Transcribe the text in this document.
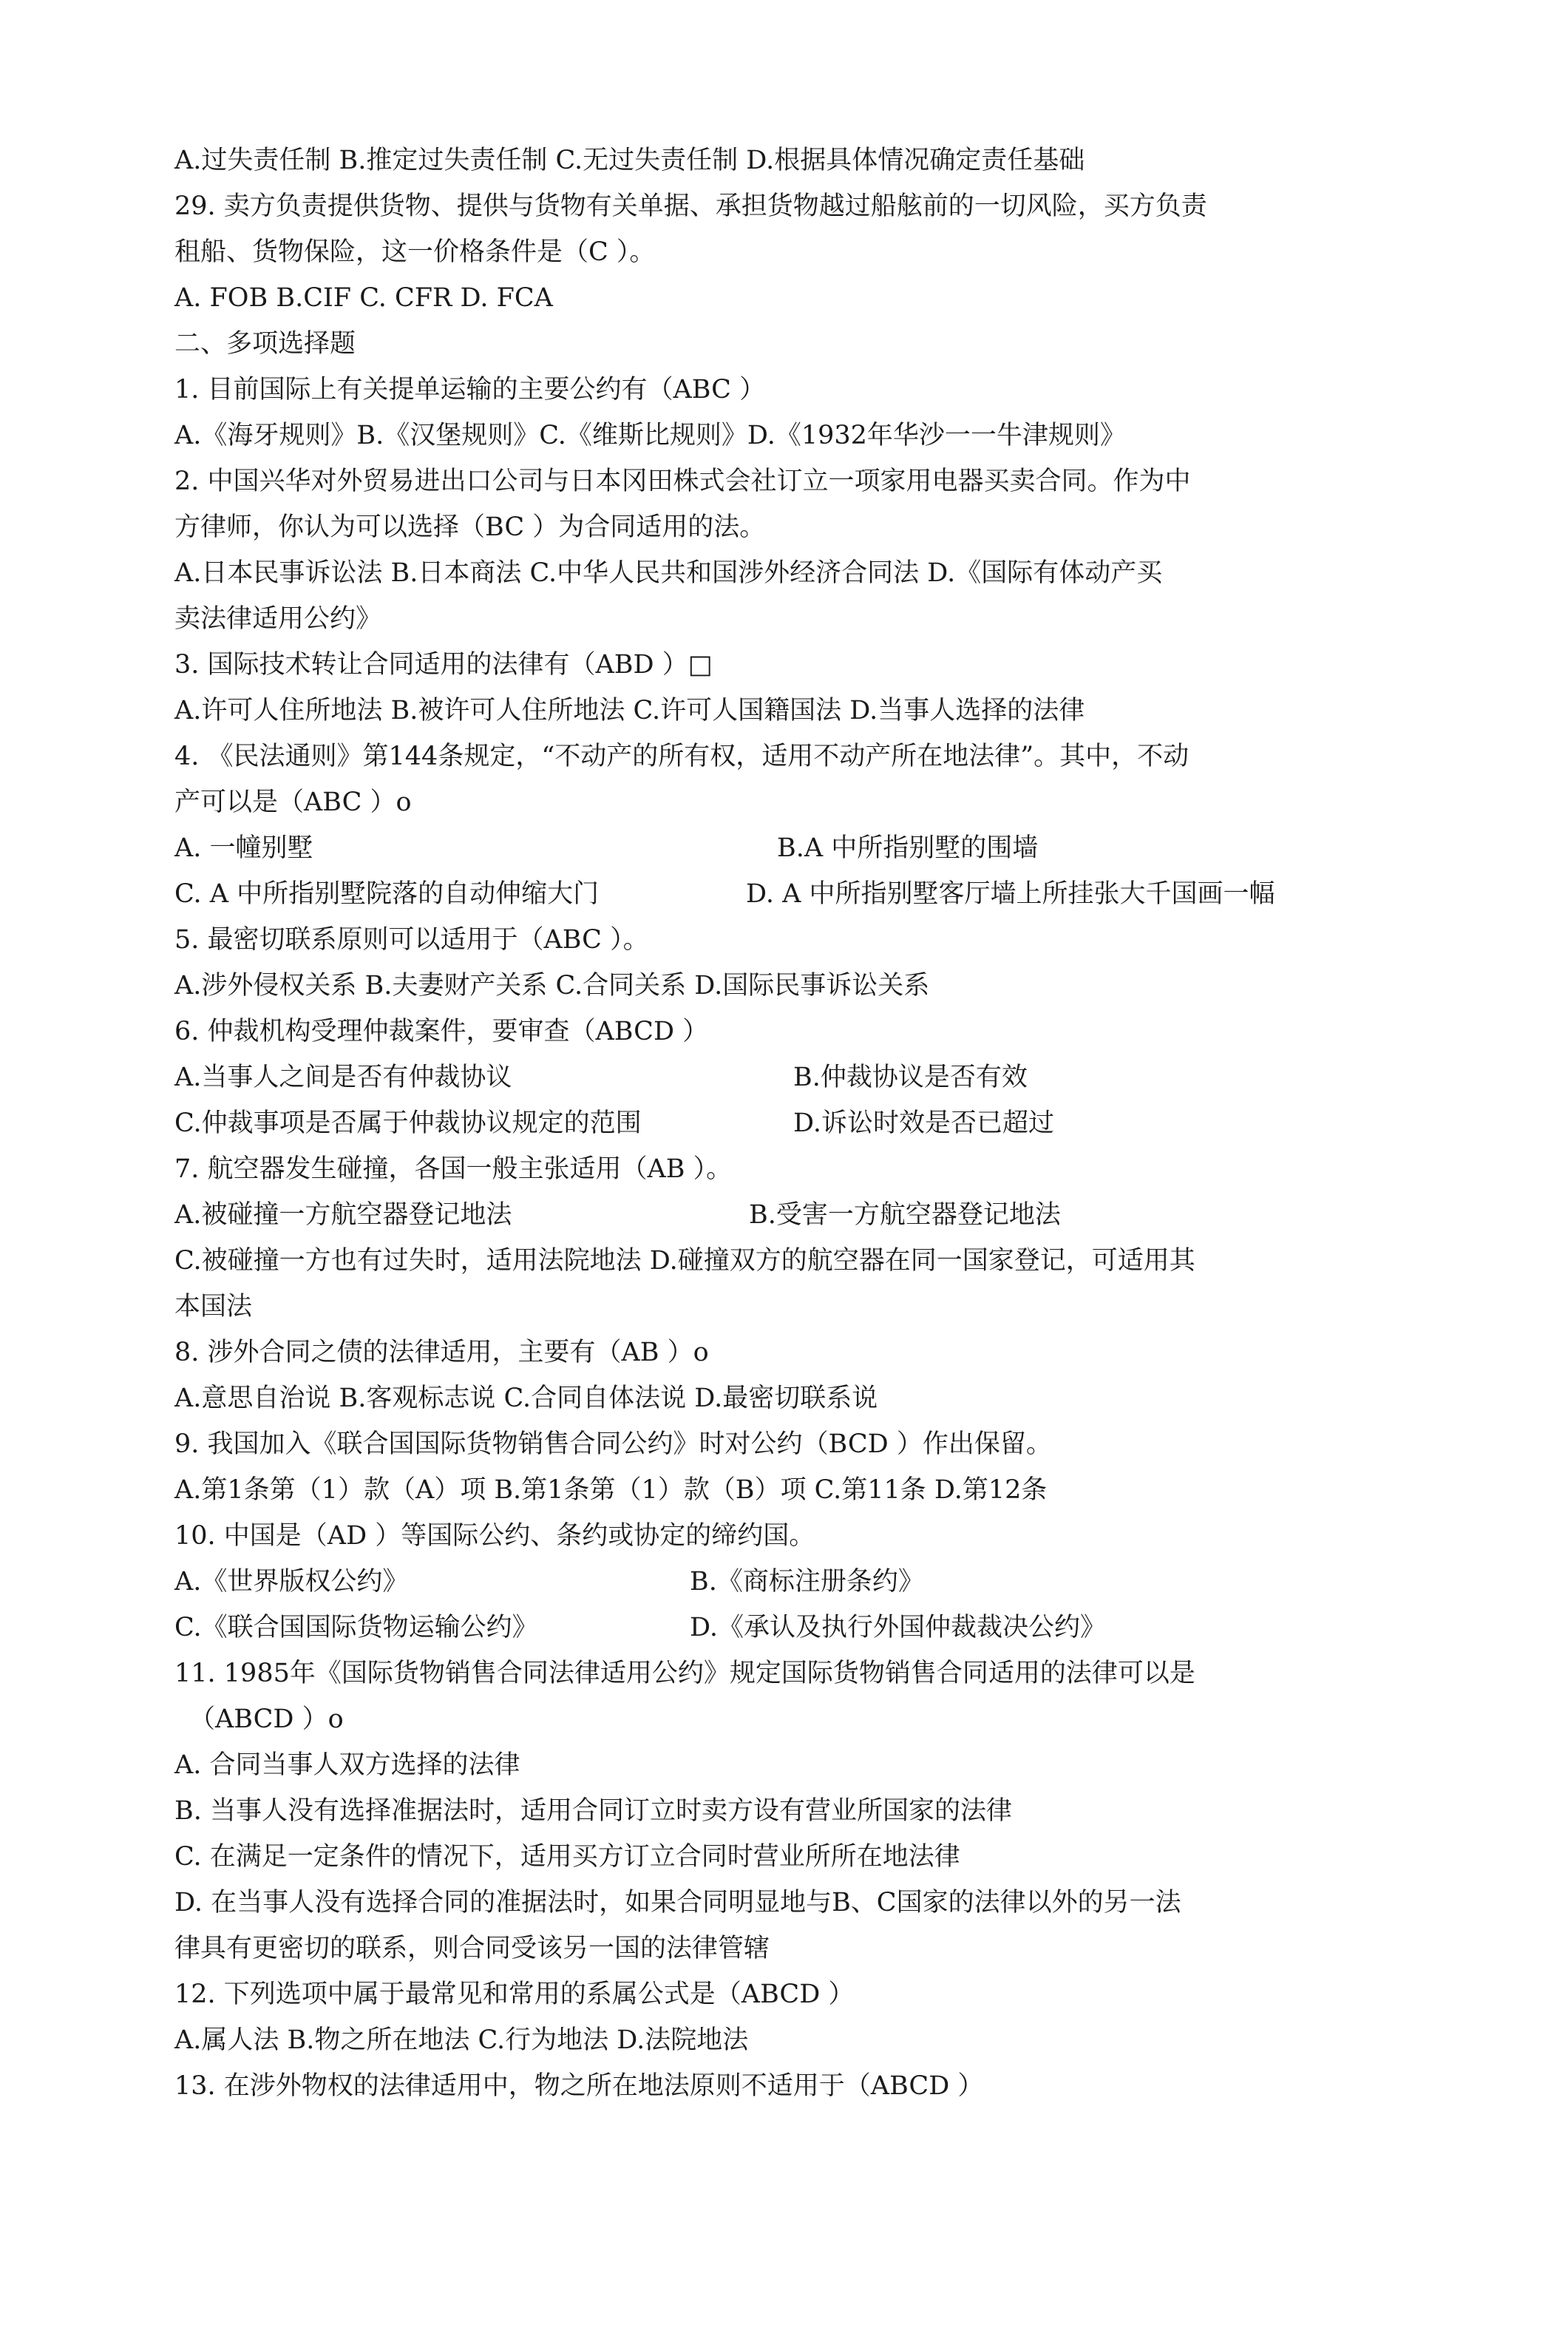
A.过失责任制 B.推定过失责任制 C.无过失责任制 D.根据具体情况确定责任基础
29. 卖方负责提供货物、提供与货物有关单据、承担货物越过船舷前的一切风险，买方负责
租船、货物保险，这一价格条件是（C ）。
A. FOB B.CIF C. CFR D. FCA
二、多项选择题
1. 目前国际上有关提单运输的主要公约有（ABC ）
A.《海牙规则》B.《汉堡规则》C.《维斯比规则》D.《1932年华沙一一牛津规则》
2. 中国兴华对外贸易进出口公司与日本冈田株式会社订立一项家用电器买卖合同。作为中
方律师，你认为可以选择（BC ）为合同适用的法。
A.日本民事诉讼法 B.日本商法 C.中华人民共和国涉外经济合同法 D.《国际有体动产买
卖法律适用公约》
3. 国际技术转让合同适用的法律有（ABD ）□
A.许可人住所地法 B.被许可人住所地法 C.许可人国籍国法 D.当事人选择的法律
4. 《民法通则》第144条规定，“不动产的所有权，适用不动产所在地法律”。其中，不动
产可以是（ABC ）o
A. 一幢别墅	B.A 中所指别墅的围墙
C. A 中所指别墅院落的自动伸缩大门	D. A 中所指别墅客厅墙上所挂张大千国画一幅
5. 最密切联系原则可以适用于（ABC ）。
A.涉外侵权关系 B.夫妻财产关系 C.合同关系 D.国际民事诉讼关系
6. 仲裁机构受理仲裁案件，要审查（ABCD ）
A.当事人之间是否有仲裁协议	B.仲裁协议是否有效
C.仲裁事项是否属于仲裁协议规定的范围	D.诉讼时效是否已超过
7. 航空器发生碰撞，各国一般主张适用（AB ）。
A.被碰撞一方航空器登记地法	B.受害一方航空器登记地法
C.被碰撞一方也有过失时，适用法院地法 D.碰撞双方的航空器在同一国家登记，可适用其
本国法
8. 涉外合同之债的法律适用，主要有（AB ）o
A.意思自治说 B.客观标志说 C.合同自体法说 D.最密切联系说
9. 我国加入《联合国国际货物销售合同公约》时对公约（BCD ）作出保留。
A.第1条第（1）款（A）项 B.第1条第（1）款（B）项 C.第11条 D.第12条
10. 中国是（AD ）等国际公约、条约或协定的缔约国。
A.《世界版权公约》	B.《商标注册条约》
C.《联合国国际货物运输公约》	D.《承认及执行外国仲裁裁决公约》
11. 1985年《国际货物销售合同法律适用公约》规定国际货物销售合同适用的法律可以是
（ABCD ）o
A. 合同当事人双方选择的法律
B. 当事人没有选择准据法时，适用合同订立时卖方设有营业所国家的法律
C. 在满足一定条件的情况下，适用买方订立合同时营业所所在地法律
D. 在当事人没有选择合同的准据法时，如果合同明显地与B、C国家的法律以外的另一法
律具有更密切的联系，则合同受该另一国的法律管辖
12. 下列选项中属于最常见和常用的系属公式是（ABCD ）
A.属人法 B.物之所在地法 C.行为地法 D.法院地法
13. 在涉外物权的法律适用中，物之所在地法原则不适用于（ABCD ）
